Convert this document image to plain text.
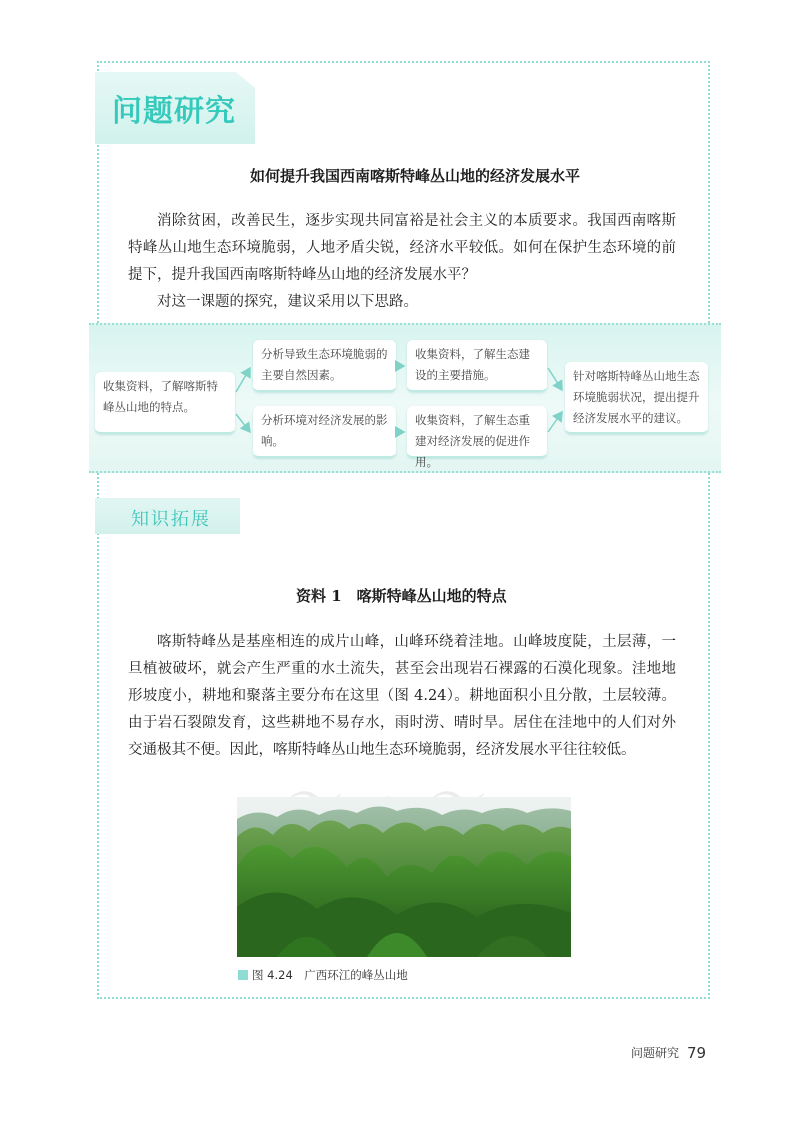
问题研究
如何提升我国西南喀斯特峰丛山地的经济发展水平

消除贫困，改善民生，逐步实现共同富裕是社会主义的本质要求。我国西南喀斯特峰丛山地生态环境脆弱，人地矛盾尖锐，经济水平较低。如何在保护生态环境的前提下，提升我国西南喀斯特峰丛山地的经济发展水平？

对这一课题的探究，建议采用以下思路。

收集资料，了解喀斯特峰丛山地的特点。
分析导致生态环境脆弱的主要自然因素。
分析环境对经济发展的影响。
收集资料，了解生态建设的主要措施。
收集资料，了解生态重建对经济发展的促进作用。
针对喀斯特峰丛山地生态环境脆弱状况，提出提升经济发展水平的建议。
知识拓展
资料 1　喀斯特峰丛山地的特点

喀斯特峰丛是基座相连的成片山峰，山峰环绕着洼地。山峰坡度陡，土层薄，一旦植被破坏，就会产生严重的水土流失，甚至会出现岩石裸露的石漠化现象。洼地地形坡度小，耕地和聚落主要分布在这里（图 4.24）。耕地面积小且分散，土层较薄。由于岩石裂隙发育，这些耕地不易存水，雨时涝、晴时旱。居住在洼地中的人们对外交通极其不便。因此，喀斯特峰丛山地生态环境脆弱，经济发展水平往往较低。

图 4.24　广西环江的峰丛山地
问题研究 79
